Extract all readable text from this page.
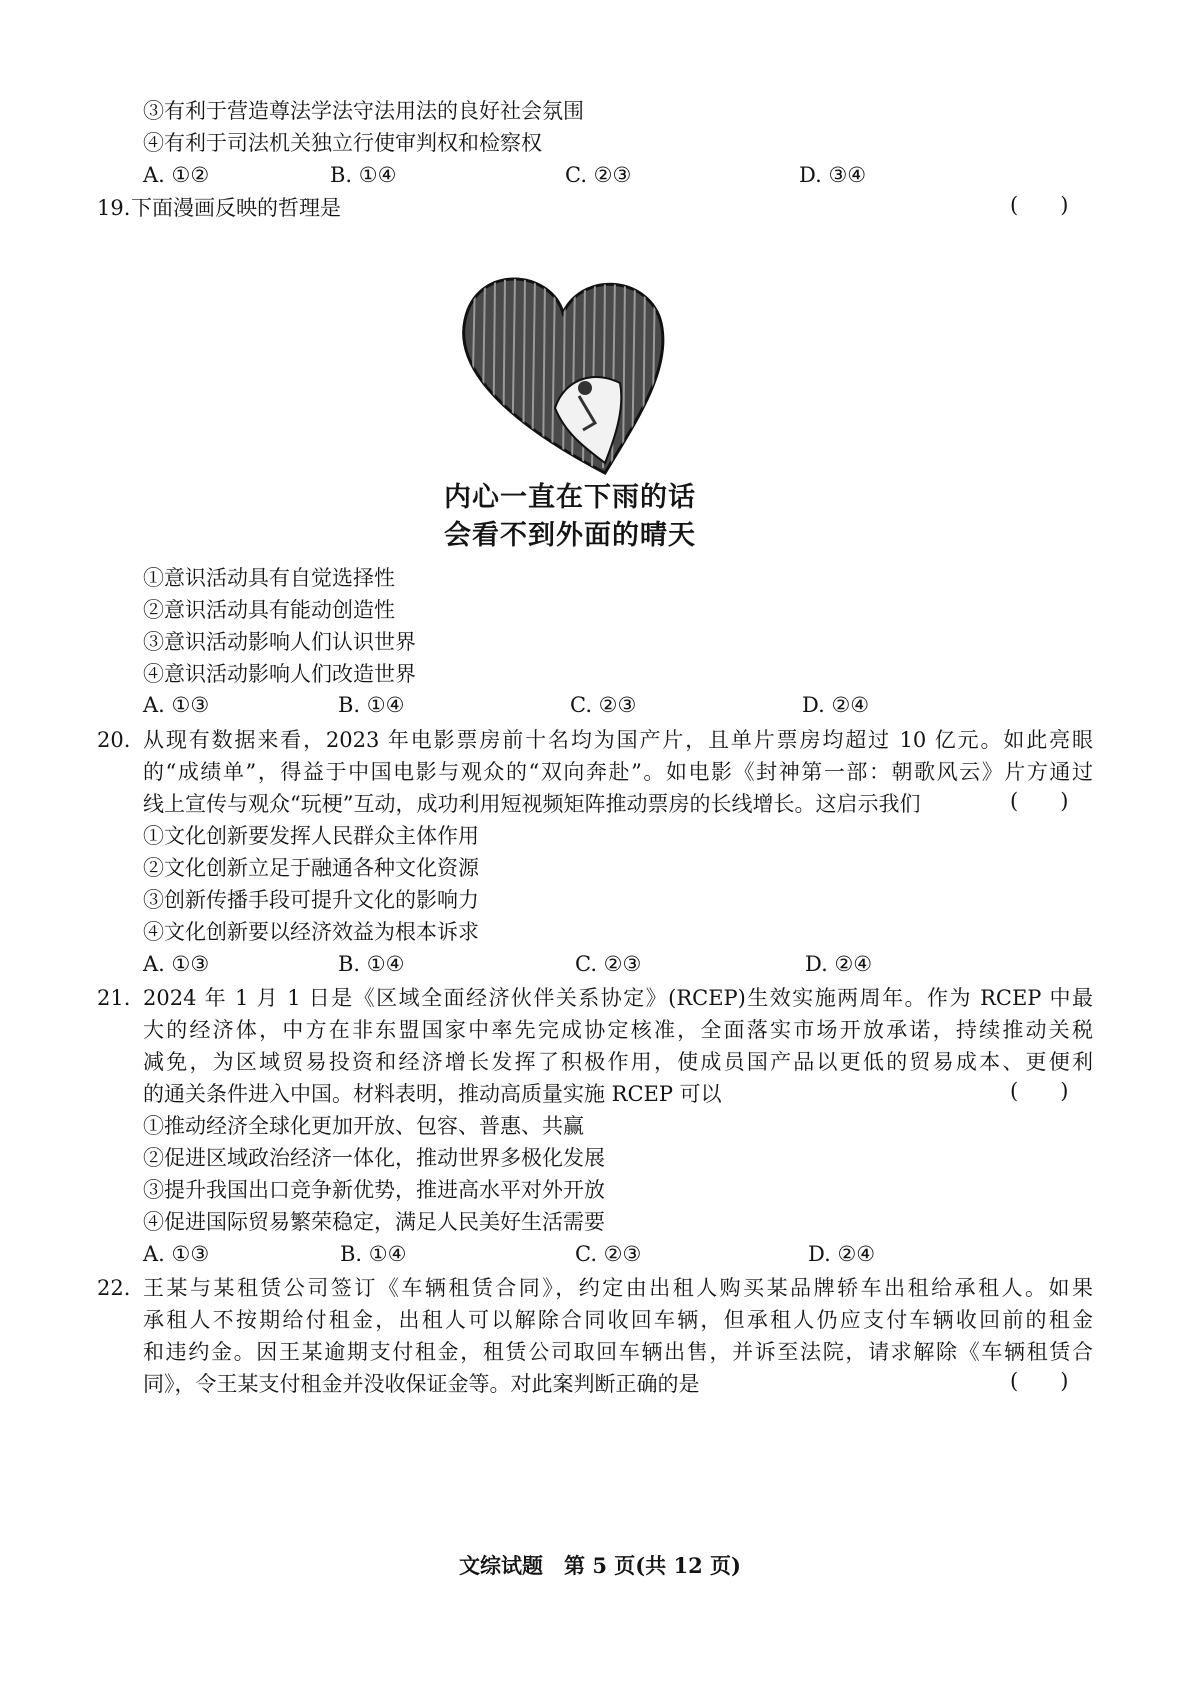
③有利于营造尊法学法守法用法的良好社会氛围
④有利于司法机关独立行使审判权和检察权
A. ①②	B. ①④	C. ②③	D. ③④
19. 下面漫画反映的哲理是	(　　)
内心一直在下雨的话
会看不到外面的晴天
①意识活动具有自觉选择性
②意识活动具有能动创造性
③意识活动影响人们认识世界
④意识活动影响人们改造世界
A. ①③	B. ①④	C. ②③	D. ②④
20. 从现有数据来看，2023 年电影票房前十名均为国产片，且单片票房均超过 10 亿元。如此亮眼
的“成绩单”，得益于中国电影与观众的“双向奔赴”。如电影《封神第一部：朝歌风云》片方通过
线上宣传与观众“玩梗”互动，成功利用短视频矩阵推动票房的长线增长。这启示我们	(　　)
①文化创新要发挥人民群众主体作用
②文化创新立足于融通各种文化资源
③创新传播手段可提升文化的影响力
④文化创新要以经济效益为根本诉求
A. ①③	B. ①④	C. ②③	D. ②④
21. 2024 年 1 月 1 日是《区域全面经济伙伴关系协定》(RCEP)生效实施两周年。作为 RCEP 中最
大的经济体，中方在非东盟国家中率先完成协定核准，全面落实市场开放承诺，持续推动关税
减免，为区域贸易投资和经济增长发挥了积极作用，使成员国产品以更低的贸易成本、更便利
的通关条件进入中国。材料表明，推动高质量实施 RCEP 可以	(　　)
①推动经济全球化更加开放、包容、普惠、共赢
②促进区域政治经济一体化，推动世界多极化发展
③提升我国出口竞争新优势，推进高水平对外开放
④促进国际贸易繁荣稳定，满足人民美好生活需要
A. ①③	B. ①④	C. ②③	D. ②④
22. 王某与某租赁公司签订《车辆租赁合同》，约定由出租人购买某品牌轿车出租给承租人。如果
承租人不按期给付租金，出租人可以解除合同收回车辆，但承租人仍应支付车辆收回前的租金
和违约金。因王某逾期支付租金，租赁公司取回车辆出售，并诉至法院，请求解除《车辆租赁合
同》，令王某支付租金并没收保证金等。对此案判断正确的是	(　　)
文综试题　第 5 页(共 12 页)
